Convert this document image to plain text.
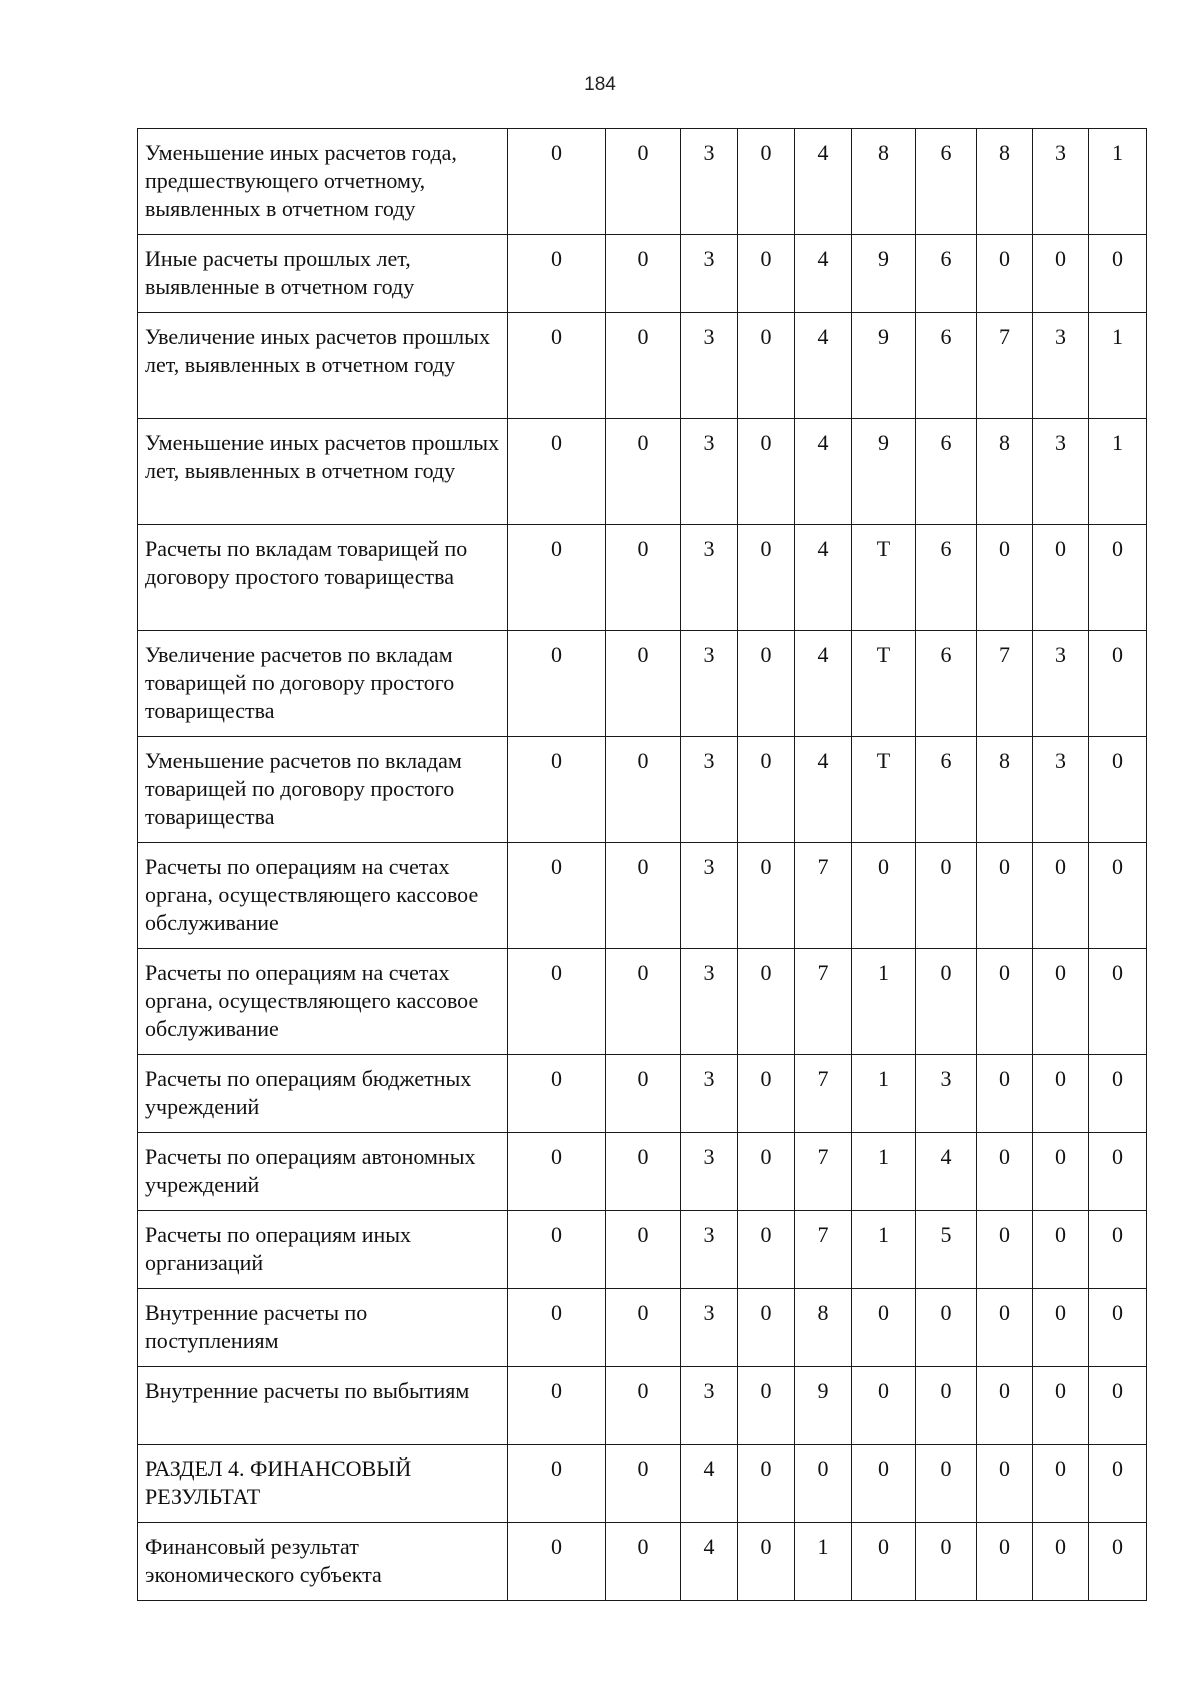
184
Уменьшение иных расчетов года, предшествующего отчетному, выявленных в отчетном году	0	0	3	0	4	8	6	8	3	1
Иные расчеты прошлых лет, выявленные в отчетном году	0	0	3	0	4	9	6	0	0	0
Увеличение иных расчетов прошлых лет, выявленных в отчетном году	0	0	3	0	4	9	6	7	3	1
Уменьшение иных расчетов прошлых лет, выявленных в отчетном году	0	0	3	0	4	9	6	8	3	1
Расчеты по вкладам товарищей по договору простого товарищества	0	0	3	0	4	Т	6	0	0	0
Увеличение расчетов по вкладам товарищей по договору простого товарищества	0	0	3	0	4	Т	6	7	3	0
Уменьшение расчетов по вкладам товарищей по договору простого товарищества	0	0	3	0	4	Т	6	8	3	0
Расчеты по операциям на счетах органа, осуществляющего кассовое обслуживание	0	0	3	0	7	0	0	0	0	0
Расчеты по операциям на счетах органа, осуществляющего кассовое обслуживание	0	0	3	0	7	1	0	0	0	0
Расчеты по операциям бюджетных учреждений	0	0	3	0	7	1	3	0	0	0
Расчеты по операциям автономных учреждений	0	0	3	0	7	1	4	0	0	0
Расчеты по операциям иных организаций	0	0	3	0	7	1	5	0	0	0
Внутренние расчеты по поступлениям	0	0	3	0	8	0	0	0	0	0
Внутренние расчеты по выбытиям	0	0	3	0	9	0	0	0	0	0
РАЗДЕЛ 4. ФИНАНСОВЫЙ РЕЗУЛЬТАТ	0	0	4	0	0	0	0	0	0	0
Финансовый результат экономического субъекта	0	0	4	0	1	0	0	0	0	0
